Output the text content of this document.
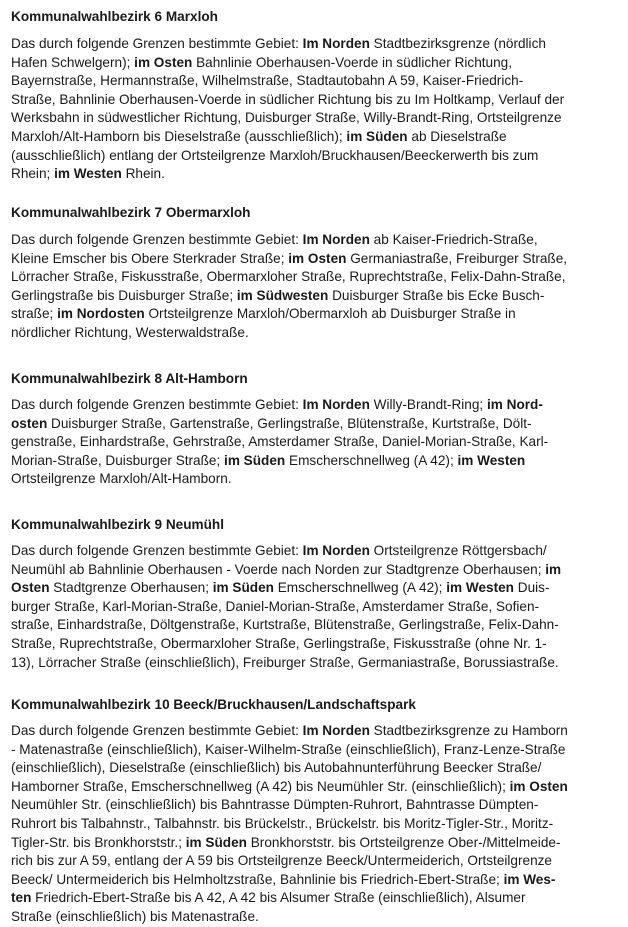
Kommunalwahlbezirk 6 Marxloh
Das durch folgende Grenzen bestimmte Gebiet: Im Norden Stadtbezirksgrenze (nördlich
Hafen Schwelgern); im Osten Bahnlinie Oberhausen-Voerde in südlicher Richtung,
Bayernstraße, Hermannstraße, Wilhelmstraße, Stadtautobahn A 59, Kaiser-Friedrich-
Straße, Bahnlinie Oberhausen-Voerde in südlicher Richtung bis zu Im Holtkamp, Verlauf der
Werksbahn in südwestlicher Richtung, Duisburger Straße, Willy-Brandt-Ring, Ortsteilgrenze
Marxloh/Alt-Hamborn bis Dieselstraße (ausschließlich); im Süden ab Dieselstraße
(ausschließlich) entlang der Ortsteilgrenze Marxloh/Bruckhausen/Beeckerwerth bis zum
Rhein; im Westen Rhein.
Kommunalwahlbezirk 7 Obermarxloh
Das durch folgende Grenzen bestimmte Gebiet: Im Norden ab Kaiser-Friedrich-Straße,
Kleine Emscher bis Obere Sterkrader Straße; im Osten Germaniastraße, Freiburger Straße,
Lörracher Straße, Fiskusstraße, Obermarxloher Straße, Ruprechtstraße, Felix-Dahn-Straße,
Gerlingstraße bis Duisburger Straße; im Südwesten Duisburger Straße bis Ecke Busch-
straße; im Nordosten Ortsteilgrenze Marxloh/Obermarxloh ab Duisburger Straße in
nördlicher Richtung, Westerwaldstraße.
Kommunalwahlbezirk 8 Alt-Hamborn
Das durch folgende Grenzen bestimmte Gebiet: Im Norden Willy-Brandt-Ring; im Nord-
osten Duisburger Straße, Gartenstraße, Gerlingstraße, Blütenstraße, Kurtstraße, Dölt-
genstraße, Einhardstraße, Gehrstraße, Amsterdamer Straße, Daniel-Morian-Straße, Karl-
Morian-Straße, Duisburger Straße; im Süden Emscherschnellweg (A 42); im Westen
Ortsteilgrenze Marxloh/Alt-Hamborn.
Kommunalwahlbezirk 9 Neumühl
Das durch folgende Grenzen bestimmte Gebiet: Im Norden Ortsteilgrenze Röttgersbach/
Neumühl ab Bahnlinie Oberhausen - Voerde nach Norden zur Stadtgrenze Oberhausen; im
Osten Stadtgrenze Oberhausen; im Süden Emscherschnellweg (A 42); im Westen Duis-
burger Straße, Karl-Morian-Straße, Daniel-Morian-Straße, Amsterdamer Straße, Sofien-
straße, Einhardstraße, Döltgenstraße, Kurtstraße, Blütenstraße, Gerlingstraße, Felix-Dahn-
Straße, Ruprechtstraße, Obermarxloher Straße, Gerlingstraße, Fiskusstraße (ohne Nr. 1-
13), Lörracher Straße (einschließlich), Freiburger Straße, Germaniastraße, Borussiastraße.
Kommunalwahlbezirk 10 Beeck/Bruckhausen/Landschaftspark
Das durch folgende Grenzen bestimmte Gebiet: Im Norden Stadtbezirksgrenze zu Hamborn
- Matenastraße (einschließlich), Kaiser-Wilhelm-Straße (einschließlich), Franz-Lenze-Straße
(einschließlich), Dieselstraße (einschließlich) bis Autobahnunterführung Beecker Straße/
Hamborner Straße, Emscherschnellweg (A 42) bis Neumühler Str. (einschließlich); im Osten
Neumühler Str. (einschließlich) bis Bahntrasse Dümpten-Ruhrort, Bahntrasse Dümpten-
Ruhrort bis Talbahnstr., Talbahnstr. bis Brückelstr., Brückelstr. bis Moritz-Tigler-Str., Moritz-
Tigler-Str. bis Bronkhorststr.; im Süden Bronkhorststr. bis Ortsteilgrenze Ober-/Mittelmeide-
rich bis zur A 59, entlang der A 59 bis Ortsteilgrenze Beeck/Untermeiderich, Ortsteilgrenze
Beeck/ Untermeiderich bis Helmholtzstraße, Bahnlinie bis Friedrich-Ebert-Straße; im Wes-
ten Friedrich-Ebert-Straße bis A 42, A 42 bis Alsumer Straße (einschließlich), Alsumer
Straße (einschließlich) bis Matenastraße.
